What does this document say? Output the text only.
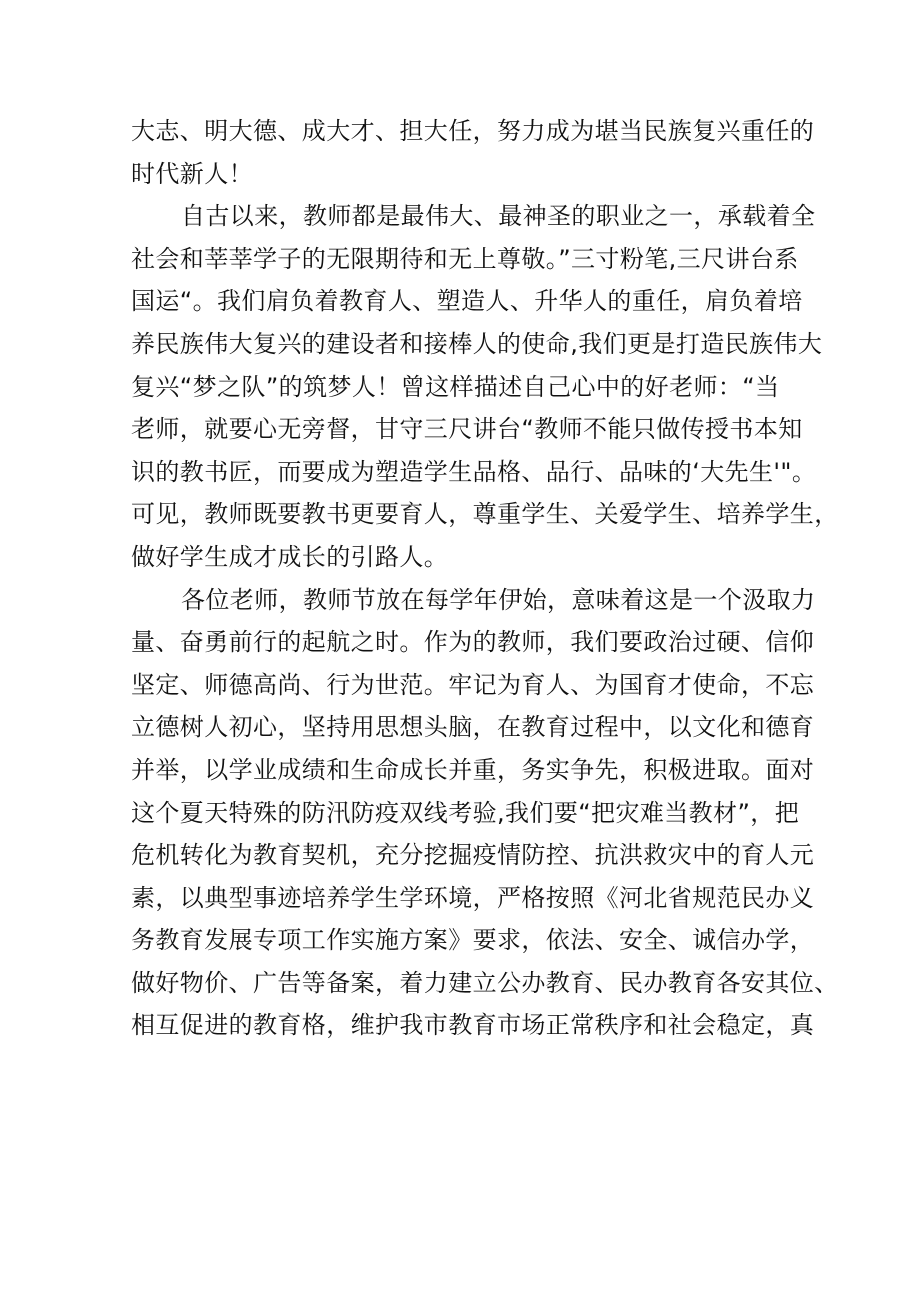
大志、明大德、成大才、担大任，努力成为堪当民族复兴重任的
时代新人！
自古以来，教师都是最伟大、最神圣的职业之一，承载着全
社会和莘莘学子的无限期待和无上尊敬。”三寸粉笔,三尺讲台系
国运“。我们肩负着教育人、塑造人、升华人的重任，肩负着培
养民族伟大复兴的建设者和接棒人的使命,我们更是打造民族伟大
复兴“梦之队”的筑梦人！曾这样描述自己心中的好老师：“当
老师，就要心无旁督，甘守三尺讲台“教师不能只做传授书本知
识的教书匠，而要成为塑造学生品格、品行、品味的‘大先生'"。
可见，教师既要教书更要育人，尊重学生、关爱学生、培养学生，
做好学生成才成长的引路人。
各位老师，教师节放在每学年伊始，意味着这是一个汲取力
量、奋勇前行的起航之时。作为的教师，我们要政治过硬、信仰
坚定、师德高尚、行为世范。牢记为育人、为国育才使命，不忘
立德树人初心，坚持用思想头脑，在教育过程中，以文化和德育
并举，以学业成绩和生命成长并重，务实争先，积极进取。面对
这个夏天特殊的防汛防疫双线考验,我们要“把灾难当教材”，把
危机转化为教育契机，充分挖掘疫情防控、抗洪救灾中的育人元
素，以典型事迹培养学生学环境，严格按照《河北省规范民办义
务教育发展专项工作实施方案》要求，依法、安全、诚信办学，
做好物价、广告等备案，着力建立公办教育、民办教育各安其位、
相互促进的教育格，维护我市教育市场正常秩序和社会稳定，真
